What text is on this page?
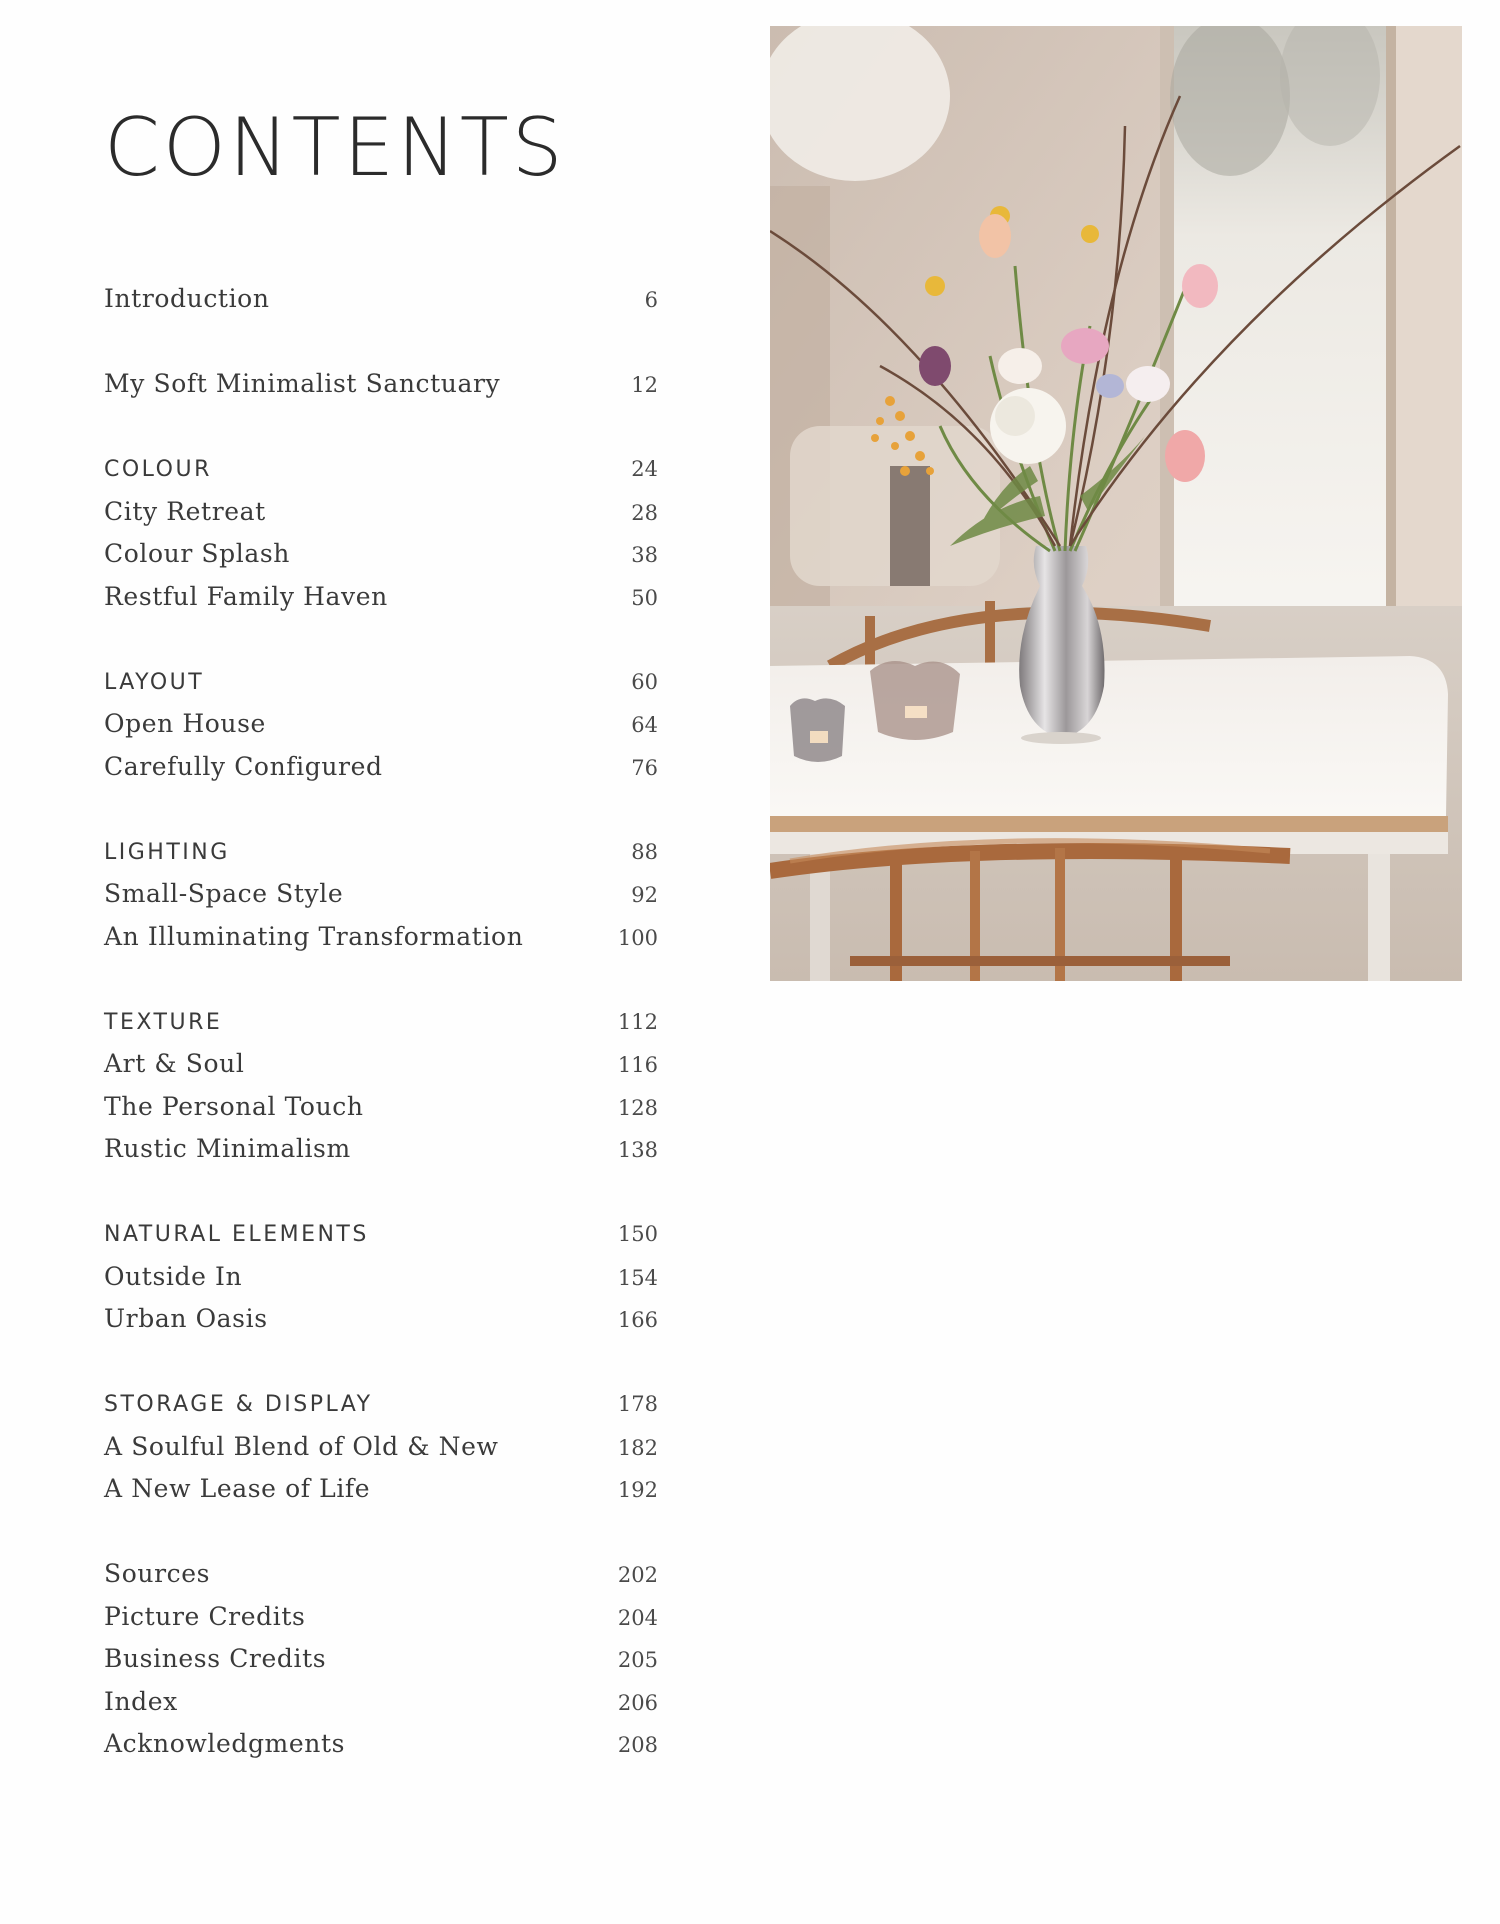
CONTENTS
Introduction	6
My Soft Minimalist Sanctuary	12
COLOUR	24
City Retreat	28
Colour Splash	38
Restful Family Haven	50
LAYOUT	60
Open House	64
Carefully Configured	76
LIGHTING	88
Small-Space Style	92
An Illuminating Transformation	100
TEXTURE	112
Art & Soul	116
The Personal Touch	128
Rustic Minimalism	138
NATURAL ELEMENTS	150
Outside In	154
Urban Oasis	166
STORAGE & DISPLAY	178
A Soulful Blend of Old & New	182
A New Lease of Life	192
Sources	202
Picture Credits	204
Business Credits	205
Index	206
Acknowledgments	208
